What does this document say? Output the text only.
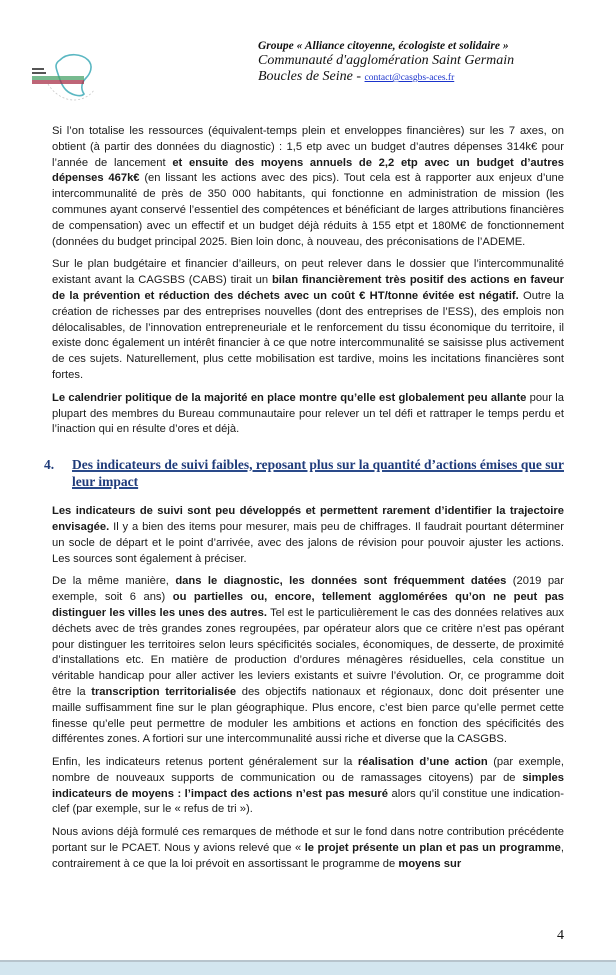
Groupe « Alliance citoyenne, écologiste et solidaire »
Communauté d'agglomération Saint Germain
Boucles de Seine - contact@casgbs-aces.fr

Si l’on totalise les ressources (équivalent-temps plein et enveloppes financières) sur les 7 axes, on obtient (à partir des données du diagnostic) : 1,5 etp avec un budget d’autres dépenses 314k€ pour l’année de lancement et ensuite des moyens annuels de 2,2 etp avec un budget d’autres dépenses 467k€ (en lissant les actions avec des pics). Tout cela est à rapporter aux enjeux d’une intercommunalité de près de 350 000 habitants, qui fonctionne en administration de mission (les communes ayant conservé l’essentiel des compétences et bénéficiant de larges attributions financières de compensation) avec un effectif et un budget déjà réduits à 155 etpt et 180M€ de fonctionnement (données du budget principal 2025. Bien loin donc, à nouveau, des préconisations de l’ADEME.

Sur le plan budgétaire et financier d’ailleurs, on peut relever dans le dossier que l’intercommunalité existant avant la CAGSBS (CABS) tirait un bilan financièrement très positif des actions en faveur de la prévention et réduction des déchets avec un coût € HT/tonne évitée est négatif. Outre la création de richesses par des entreprises nouvelles (dont des entreprises de l’ESS), des emplois non délocalisables, de l’innovation entrepreneuriale et le renforcement du tissu économique du territoire, il existe donc également un intérêt financier à ce que notre intercommunalité se saisisse plus activement de ces sujets. Naturellement, plus cette mobilisation est tardive, moins les incitations financières sont fortes.

Le calendrier politique de la majorité en place montre qu’elle est globalement peu allante pour la plupart des membres du Bureau communautaire pour relever un tel défi et rattraper le temps perdu et l’inaction qui en résulte d’ores et déjà.

4.	Des indicateurs de suivi faibles, reposant plus sur la quantité d’actions émises que sur leur impact

Les indicateurs de suivi sont peu développés et permettent rarement d’identifier la trajectoire envisagée. Il y a bien des items pour mesurer, mais peu de chiffrages. Il faudrait pourtant déterminer un socle de départ et le point d’arrivée, avec des jalons de révision pour pouvoir ajuster les actions. Les sources sont également à préciser.

De la même manière, dans le diagnostic, les données sont fréquemment datées (2019 par exemple, soit 6 ans) ou partielles ou, encore, tellement agglomérées qu’on ne peut pas distinguer les villes les unes des autres. Tel est le particulièrement le cas des données relatives aux déchets avec de très grandes zones regroupées, par opérateur alors que ce critère n’est pas opérant pour distinguer les territoires selon leurs spécificités sociales, économiques, de desserte, de proximité d’installations etc. En matière de production d’ordures ménagères résiduelles, cela constitue un véritable handicap pour aller activer les leviers existants et suivre l’évolution. Or, ce programme doit être la transcription territorialisée des objectifs nationaux et régionaux, donc doit présenter une maille suffisamment fine sur le plan géographique. Plus encore, c’est bien parce qu’elle permet cette finesse qu’elle peut permettre de moduler les ambitions et actions en fonction des spécificités des différentes zones. A fortiori sur une intercommunalité aussi riche et diverse que la CASGBS.

Enfin, les indicateurs retenus portent généralement sur la réalisation d’une action (par exemple, nombre de nouveaux supports de communication ou de ramassages citoyens) par de simples indicateurs de moyens : l’impact des actions n’est pas mesuré alors qu’il constitue une indication-clef (par exemple, sur le « refus de tri »).

Nous avions déjà formulé ces remarques de méthode et sur le fond dans notre contribution précédente portant sur le PCAET. Nous y avions relevé que « le projet présente un plan et pas un programme, contrairement à ce que la loi prévoit en assortissant le programme de moyens sur

4
